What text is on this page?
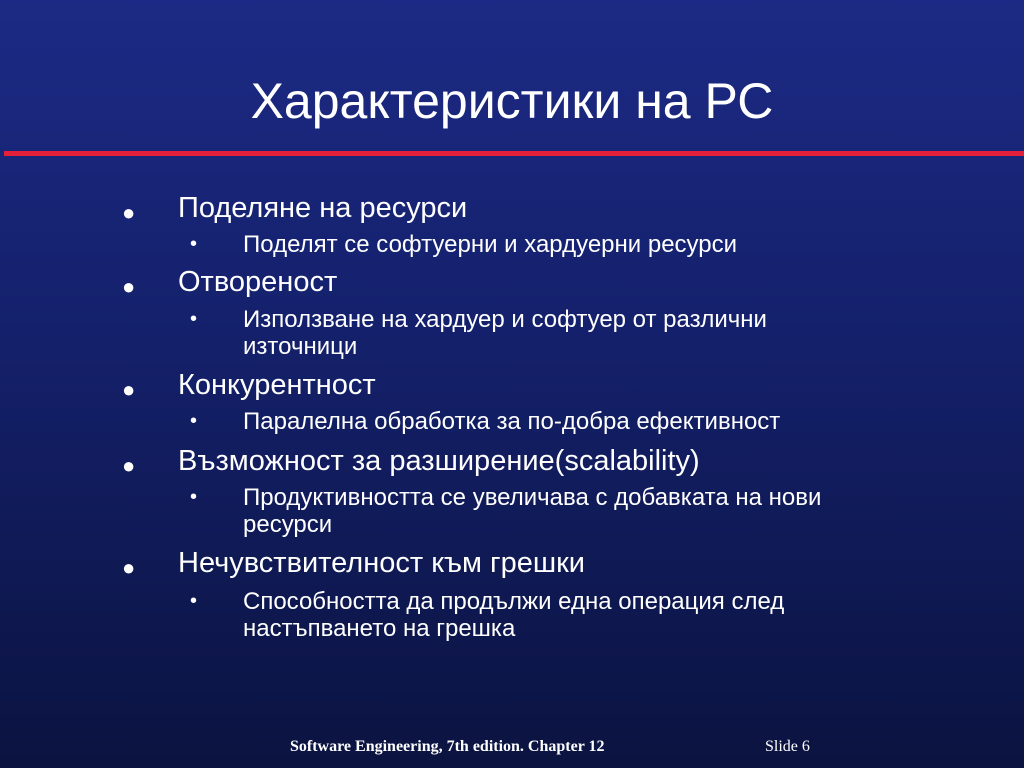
Характеристики на РС
● Поделяне на ресурси
• Поделят се софтуерни и хардуерни ресурси
● Отвореност
• Използване на хардуер и софтуер от различни
източници
● Конкурентност
• Паралелна обработка за по-добра ефективност
● Възможност за разширение(scalability)
• Продуктивността се увеличава с добавката на нови
ресурси
● Нечувствителност към грешки
• Способността да продължи една операция след
настъпването на грешка
Software Engineering, 7th edition. Chapter 12	Slide 6
